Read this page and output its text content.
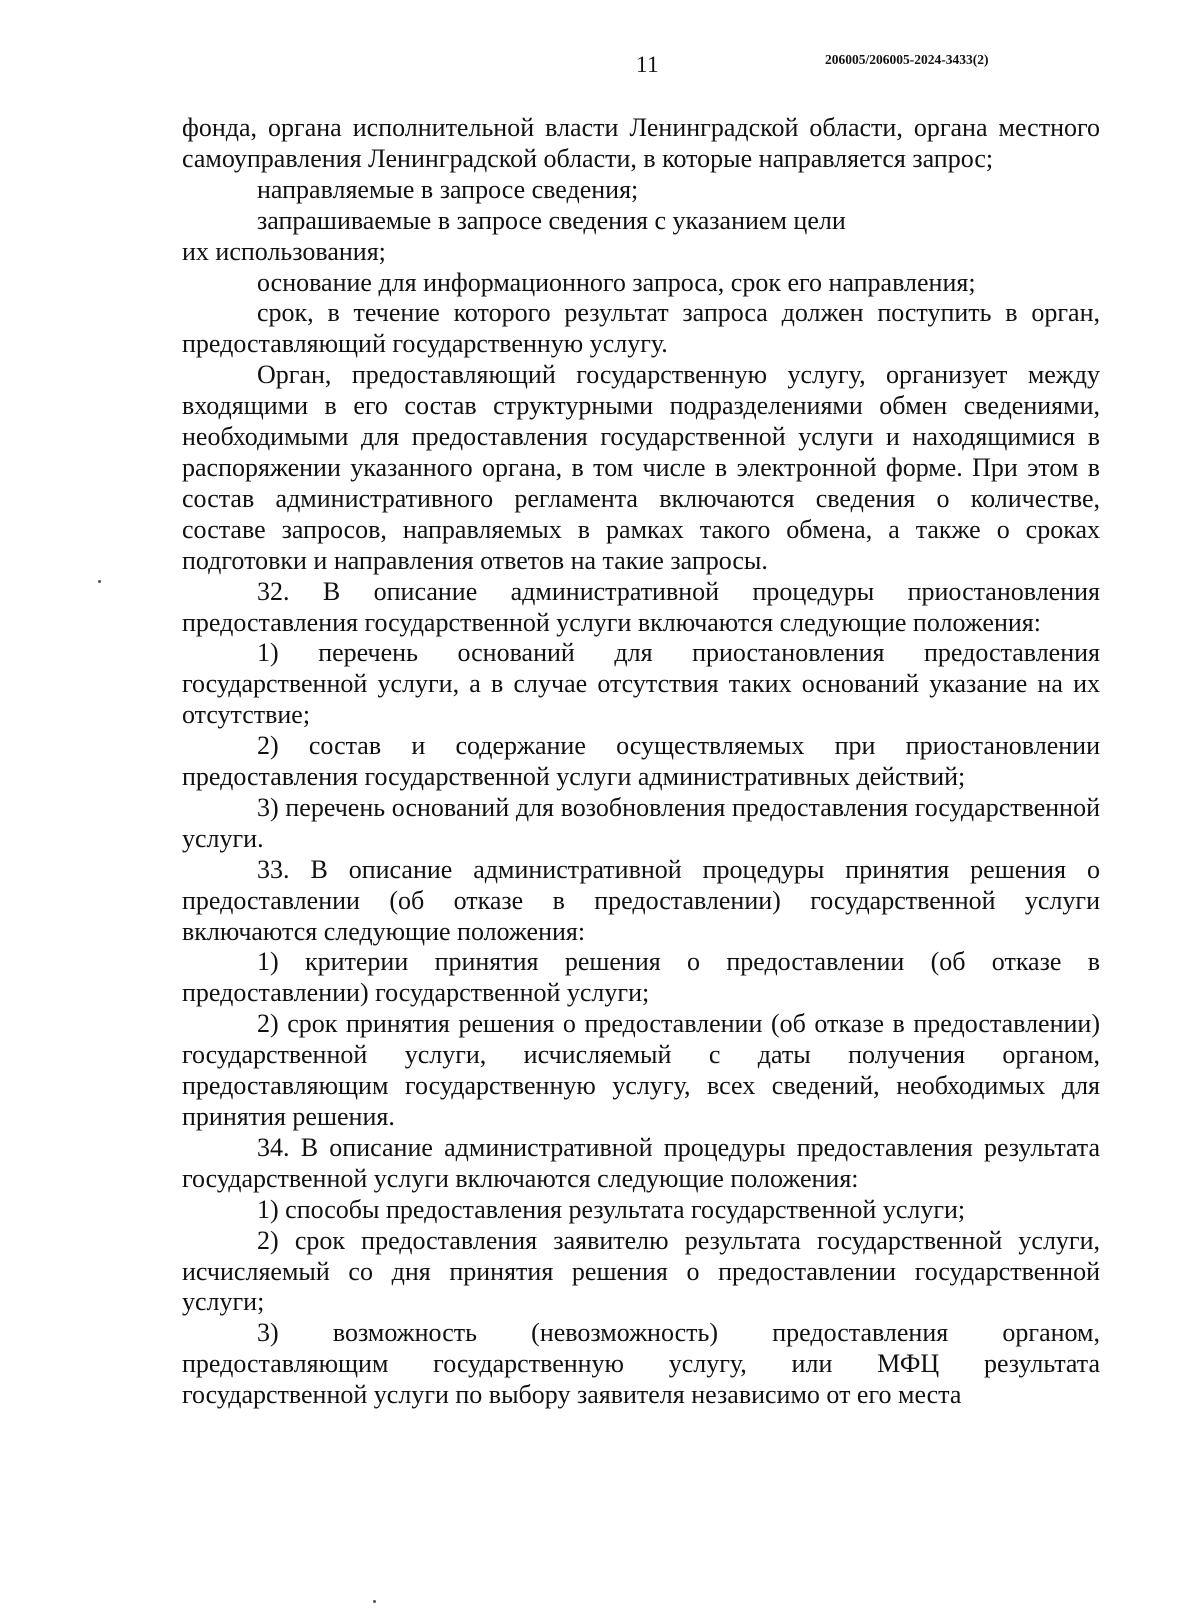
11	206005/206005-2024-3433(2)

фонда, органа исполнительной власти Ленинградской области, органа местного самоуправления Ленинградской области, в которые направляется запрос;

направляемые в запросе сведения;

запрашиваемые в запросе сведения с указанием цели

их использования;

основание для информационного запроса, срок его направления;

срок, в течение которого результат запроса должен поступить в орган, предоставляющий государственную услугу.

Орган, предоставляющий государственную услугу, организует между входящими в его состав структурными подразделениями обмен сведениями, необходимыми для предоставления государственной услуги и находящимися в распоряжении указанного органа, в том числе в электронной форме. При этом в состав административного регламента включаются сведения о количестве, составе запросов, направляемых в рамках такого обмена, а также о сроках подготовки и направления ответов на такие запросы.

32. В описание административной процедуры приостановления предоставления государственной услуги включаются следующие положения:

1) перечень оснований для приостановления предоставления государственной услуги, а в случае отсутствия таких оснований указание на их отсутствие;

2) состав и содержание осуществляемых при приостановлении предоставления государственной услуги административных действий;

3) перечень оснований для возобновления предоставления государственной услуги.

33. В описание административной процедуры принятия решения о предоставлении (об отказе в предоставлении) государственной услуги включаются следующие положения:

1) критерии принятия решения о предоставлении (об отказе в предоставлении) государственной услуги;

2) срок принятия решения о предоставлении (об отказе в предоставлении) государственной услуги, исчисляемый с даты получения органом, предоставляющим государственную услугу, всех сведений, необходимых для принятия решения.

34. В описание административной процедуры предоставления результата государственной услуги включаются следующие положения:

1) способы предоставления результата государственной услуги;

2) срок предоставления заявителю результата государственной услуги, исчисляемый со дня принятия решения о предоставлении государственной услуги;

3) возможность (невозможность) предоставления органом, предоставляющим государственную услугу, или МФЦ результата государственной услуги по выбору заявителя независимо от его места
